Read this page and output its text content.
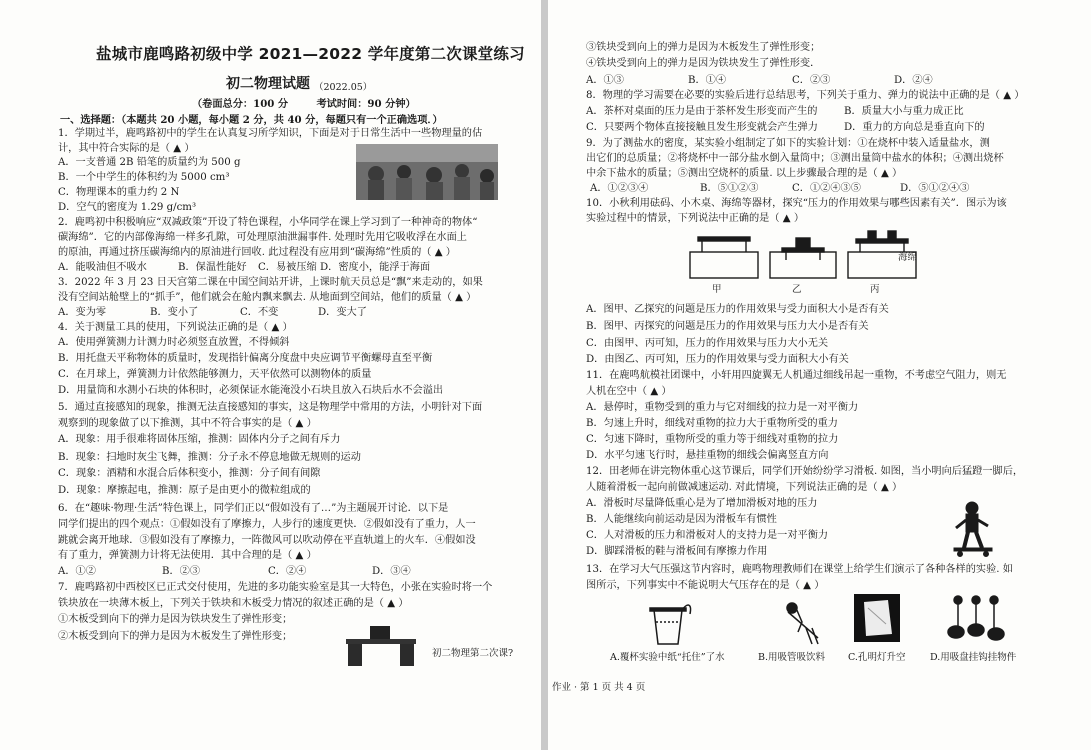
盐城市鹿鸣路初级中学 2021—2022 学年度第二次课堂练习
初二物理试题 （2022.05）
（卷面总分：100 分        考试时间：90 分钟）
一、选择题：（本题共 20 小题，每小题 2 分，共 40 分，每题只有一个正确选项．）
1．学期过半，鹿鸣路初中的学生在认真复习所学知识，下面是对于日常生活中一些物理量的估
计，其中符合实际的是（ ▲ ）
A．一支普通 2B 铅笔的质量约为 500 g
B．一个中学生的体积约为 5000 cm³
C．物理课本的重力约 2 N
D．空气的密度为 1.29 g/cm³
2．鹿鸣初中积极响应“双减政策”开设了特色课程，小华同学在课上学习到了一种神奇的物体“
碳海绵”．它的内部像海绵一样多孔隙，可处理原油泄漏事件. 处理时先用它吸收浮在水面上
的原油，再通过挤压碳海绵内的原油进行回收. 此过程没有应用到“碳海绵”性质的（ ▲ ）
A．能吸油但不吸水	B．保温性能好 C．易被压缩 D．密度小，能浮于海面
3．2022 年 3 月 23 日天宫第二课在中国空间站开讲，上课时航天员总是“飘”来走动的，如果
没有空间站舱壁上的“抓手”，他们就会在舱内飘来飘去. 从地面到空间站，他们的质量（ ▲ ）
A．变为零	B．变小了	C．不变	D．变大了
4．关于测量工具的使用，下列说法正确的是（ ▲ ）
A．使用弹簧测力计测力时必须竖直放置，不得倾斜
B．用托盘天平称物体的质量时，发现指针偏离分度盘中央应调节平衡螺母直至平衡
C．在月球上，弹簧测力计依然能够测力，天平依然可以测物体的质量
D．用量筒和水测小石块的体积时，必须保证水能淹没小石块且放入石块后水不会溢出
5．通过直接感知的现象，推测无法直接感知的事实，这是物理学中常用的方法，小明针对下面
观察到的现象做了以下推测，其中不符合事实的是（ ▲ ）
A．现象：用手很难将固体压缩，推测：固体内分子之间有斥力
B．现象：扫地时灰尘飞舞，推测：分子永不停息地做无规则的运动
C．现象：酒精和水混合后体积变小，推测：分子间有间隙
D．现象：摩擦起电，推测：原子是由更小的微粒组成的
6．在“趣味·物理·生活”特色课上，同学们正以“假如没有了…”为主题展开讨论．以下是
同学们提出的四个观点：①假如没有了摩擦力，人步行的速度更快．②假如没有了重力，人一
跳就会离开地球．③假如没有了摩擦力，一阵微风可以吹动停在平直轨道上的火车．④假如没
有了重力，弹簧测力计将无法使用．其中合理的是（ ▲ ）
A．①②	B．②③	C．②④	D．③④
7．鹿鸣路初中西校区已正式交付使用，先进的多功能实验室是其一大特色，小张在实验时将一个
铁块放在一块薄木板上，下列关于铁块和木板受力情况的叙述正确的是（ ▲ ）
①木板受到向下的弹力是因为铁块发生了弹性形变；
②木板受到向下的弹力是因为木板发生了弹性形变；
初二物理第二次课?
③铁块受到向上的弹力是因为木板发生了弹性形变；
④铁块受到向上的弹力是因为铁块发生了弹性形变．
A．①③	B．①④	C．②③	D．②④
8．物理的学习需要在必要的实验后进行总结思考，下列关于重力、弹力的说法中正确的是（ ▲ ）
A．茶杯对桌面的压力是由于茶杯发生形变而产生的	B．质量大小与重力成正比
C．只要两个物体直接接触且发生形变就会产生弹力	D．重力的方向总是垂直向下的
9．为了测盐水的密度，某实验小组制定了如下的实验计划：①在烧杯中装入适量盐水，测
出它们的总质量；②将烧杯中一部分盐水倒入量筒中；③测出量筒中盐水的体积；④测出烧杯
中余下盐水的质量；⑤测出空烧杯的质量. 以上步骤最合理的是（ ▲ ）
A．①②③④	B．⑤①②③	C．①②④③⑤	D．⑤①②④③
10．小秋利用砝码、小木桌、海绵等器材，探究“压力的作用效果与哪些因素有关”．图示为该
实验过程中的情景，下列说法中正确的是（ ▲ ）
甲	乙	丙
海绵
A．图甲、乙探究的问题是压力的作用效果与受力面积大小是否有关
B．图甲、丙探究的问题是压力的作用效果与压力大小是否有关
C．由图甲、丙可知，压力的作用效果与压力大小无关
D．由图乙、丙可知，压力的作用效果与受力面积大小有关
11．在鹿鸣航模社团课中，小轩用四旋翼无人机通过细线吊起一重物，不考虑空气阻力，则无
人机在空中（ ▲ ）
A．悬停时，重物受到的重力与它对细线的拉力是一对平衡力
B．匀速上升时，细线对重物的拉力大于重物所受的重力
C．匀速下降时，重物所受的重力等于细线对重物的拉力
D．水平匀速飞行时，悬挂重物的细线会偏离竖直方向
12．田老师在讲完物体重心这节课后，同学们开始纷纷学习滑板. 如图，当小明向后猛蹬一脚后，
人随着滑板一起向前做减速运动. 对此情境，下列说法正确的是（ ▲ ）
A．滑板时尽量降低重心是为了增加滑板对地的压力
B．人能继续向前运动是因为滑板车有惯性
C．人对滑板的压力和滑板对人的支持力是一对平衡力
D．脚踩滑板的鞋与滑板间有摩擦力作用
13．在学习大气压强这节内容时，鹿鸣物理教师们在课堂上给学生们演示了各种各样的实验. 如
图所示，下列事实中不能说明大气压存在的是（ ▲ ）
A.覆杯实验中纸“托住”了水	B.用吸管吸饮料 C.孔明灯升空	D.用吸盘挂钩挂物件
作业 · 第 1 页 共 4 页
